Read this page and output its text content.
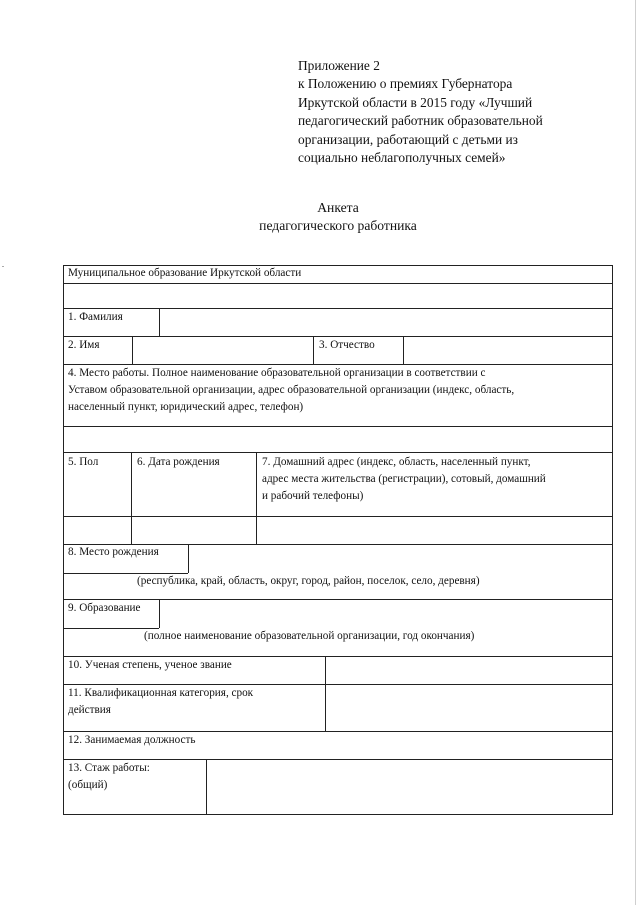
Приложение 2
к Положению о премиях Губернатора
Иркутской области в 2015 году «Лучший
педагогический работник образовательной
организации, работающий с детьми из
социально неблагополучных семей»
Анкета
педагогического работника
Муниципальное образование Иркутской области
1. Фамилия
2. Имя	3. Отчество
4. Место работы. Полное наименование образовательной организации в соответствии с
Уставом образовательной организации, адрес образовательной организации (индекс, область,
населенный пункт, юридический адрес, телефон)
5. Пол	6. Дата рождения	7. Домашний адрес (индекс, область, населенный пункт,
адрес места жительства (регистрации), сотовый, домашний
и рабочий телефоны)
8. Место рождения
(республика, край, область, округ, город, район, поселок, село, деревня)
9. Образование
(полное наименование образовательной организации, год окончания)
10. Ученая степень, ученое звание
11. Квалификационная категория, срок
действия
12. Занимаемая должность
13. Стаж работы:
(общий)
